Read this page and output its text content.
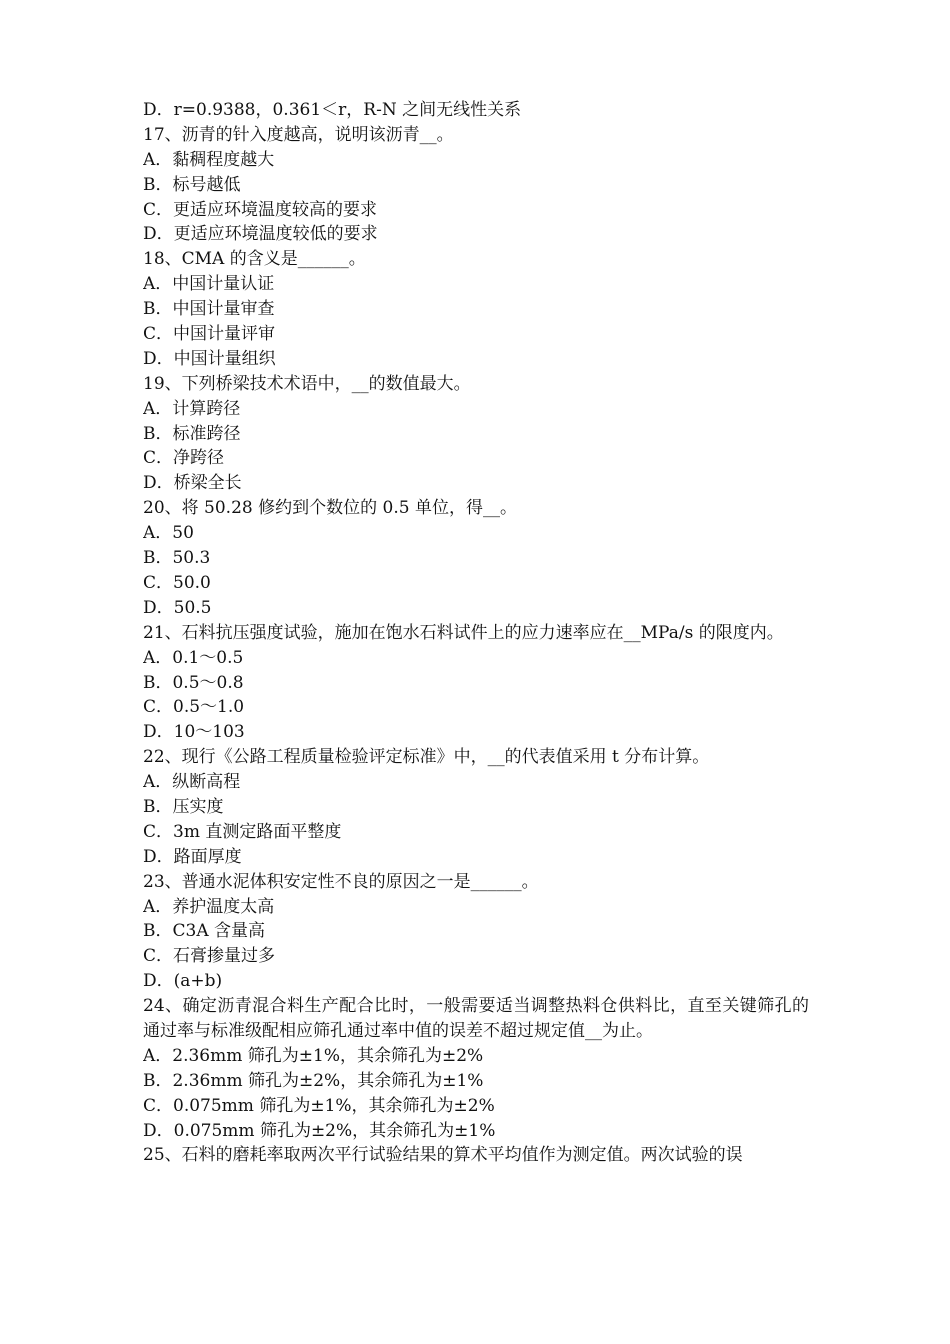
D．r=0.9388，0.361＜r，R-N 之间无线性关系
17、沥青的针入度越高，说明该沥青__。
A．黏稠程度越大
B．标号越低
C．更适应环境温度较高的要求
D．更适应环境温度较低的要求
18、CMA 的含义是______。
A．中国计量认证
B．中国计量审查
C．中国计量评审
D．中国计量组织
19、下列桥梁技术术语中，__的数值最大。
A．计算跨径
B．标准跨径
C．净跨径
D．桥梁全长
20、将 50.28 修约到个数位的 0.5 单位，得__。
A．50
B．50.3
C．50.0
D．50.5
21、石料抗压强度试验，施加在饱水石料试件上的应力速率应在__MPa/s 的限度内。
A．0.1～0.5
B．0.5～0.8
C．0.5～1.0
D．10～103
22、现行《公路工程质量检验评定标准》中，__的代表值采用 t 分布计算。
A．纵断高程
B．压实度
C．3m 直测定路面平整度
D．路面厚度
23、普通水泥体积安定性不良的原因之一是______。
A．养护温度太高
B．C3A 含量高
C．石膏掺量过多
D．(a+b)
24、确定沥青混合料生产配合比时，一般需要适当调整热料仓供料比，直至关键筛孔的通过率与标准级配相应筛孔通过率中值的误差不超过规定值__为止。
A．2.36mm 筛孔为±1%，其余筛孔为±2%
B．2.36mm 筛孔为±2%，其余筛孔为±1%
C．0.075mm 筛孔为±1%，其余筛孔为±2%
D．0.075mm 筛孔为±2%，其余筛孔为±1%
25、石料的磨耗率取两次平行试验结果的算术平均值作为测定值。两次试验的误
